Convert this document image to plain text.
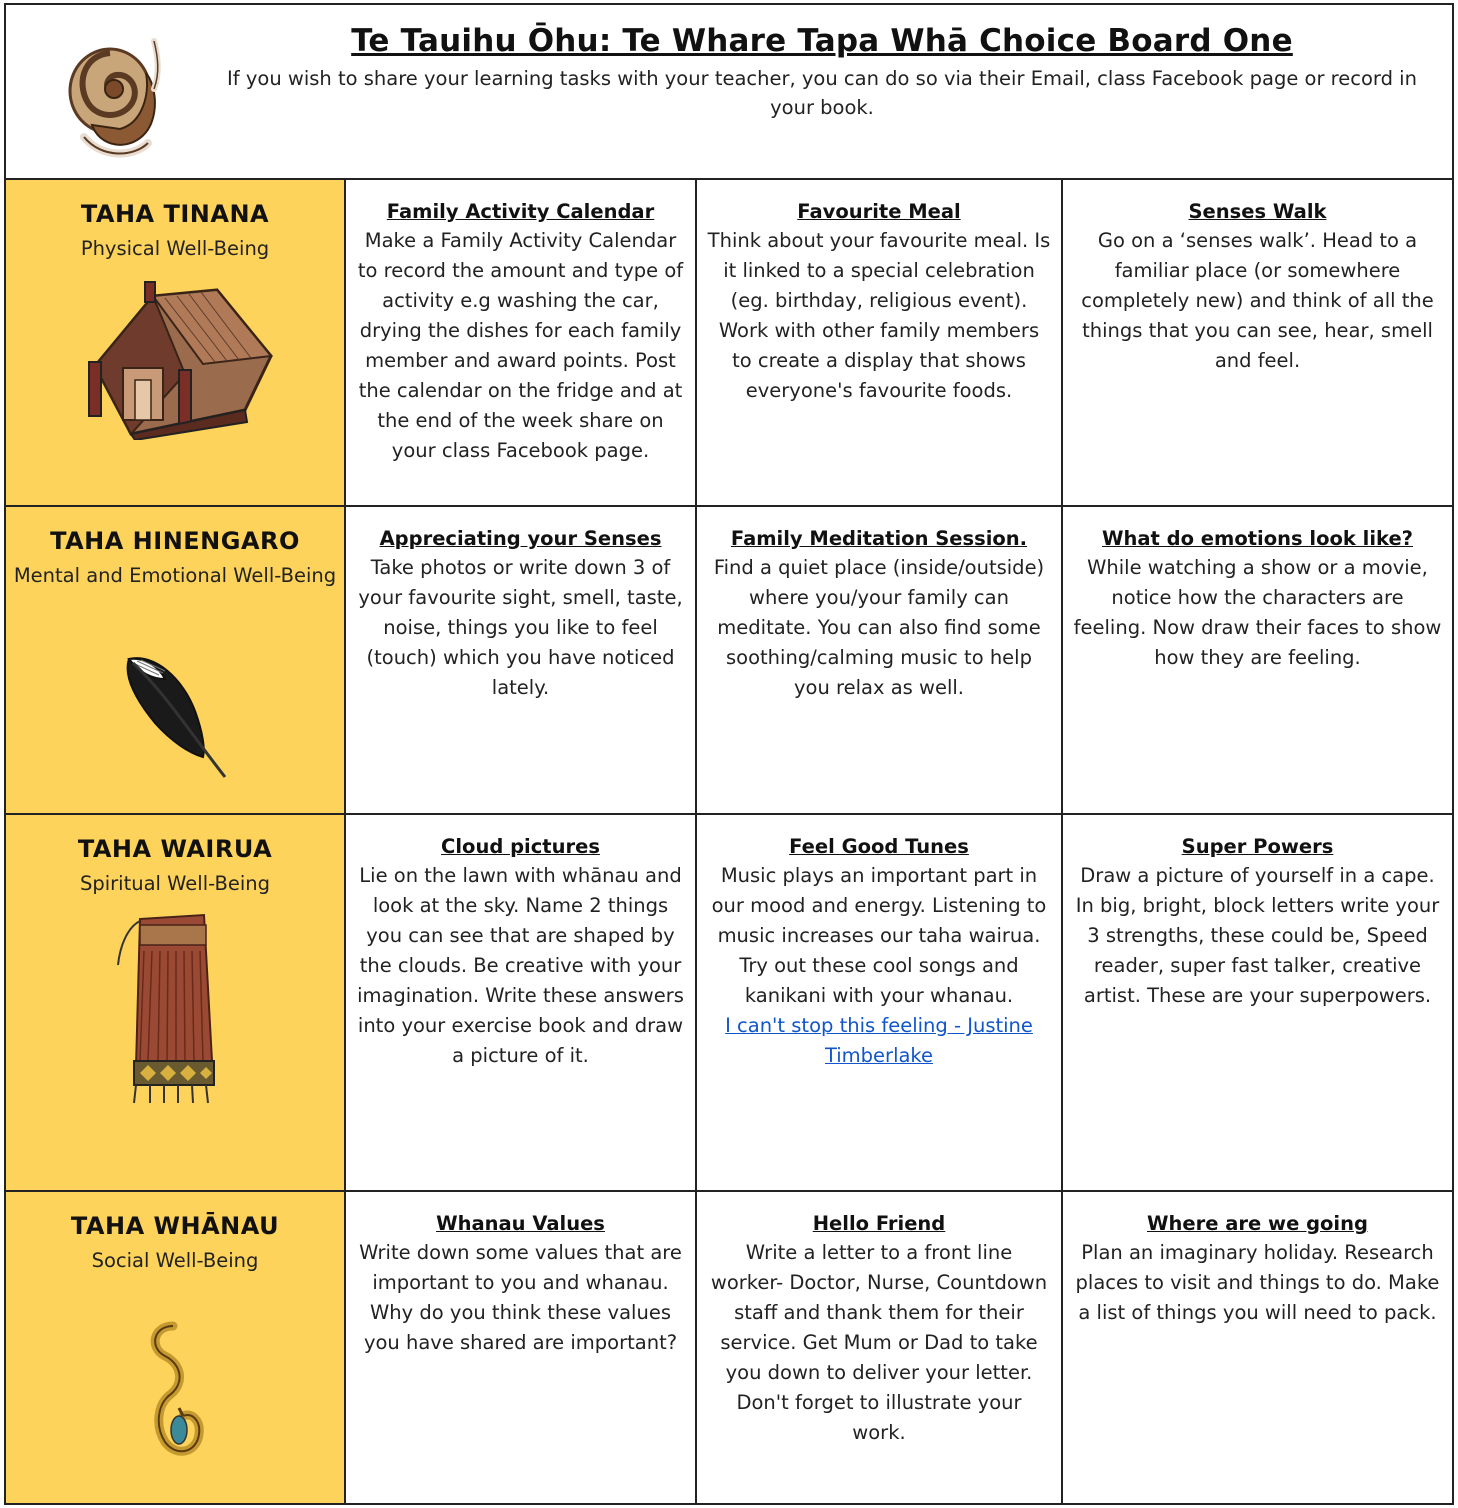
Te Tauihu Ōhu: Te Whare Tapa Whā Choice Board One
If you wish to share your learning tasks with your teacher, you can do so via their Email, class Facebook page or record in your book.
TAHA TINANA
Physical Well-Being
Family Activity Calendar
Make a Family Activity Calendar to record the amount and type of activity e.g washing the car, drying the dishes for each family member and award points. Post the calendar on the fridge and at the end of the week share on your class Facebook page.
Favourite Meal
Think about your favourite meal. Is it linked to a special celebration (eg. birthday, religious event). Work with other family members to create a display that shows everyone's favourite foods.
Senses Walk
Go on a ‘senses walk’. Head to a familiar place (or somewhere completely new) and think of all the things that you can see, hear, smell and feel.
TAHA HINENGARO
Mental and Emotional Well-Being
Appreciating your Senses
Take photos or write down 3 of your favourite sight, smell, taste, noise, things you like to feel (touch) which you have noticed lately.
Family Meditation Session.
Find a quiet place (inside/outside) where you/your family can meditate. You can also find some soothing/calming music to help you relax as well.
What do emotions look like?
While watching a show or a movie, notice how the characters are feeling. Now draw their faces to show how they are feeling.
TAHA WAIRUA
Spiritual Well-Being
Cloud pictures
Lie on the lawn with whānau and look at the sky. Name 2 things you can see that are shaped by the clouds. Be creative with your imagination. Write these answers into your exercise book and draw a picture of it.
Feel Good Tunes
Music plays an important part in our mood and energy. Listening to music increases our taha wairua. Try out these cool songs and kanikani with your whanau.
I can't stop this feeling - Justine Timberlake
Super Powers
Draw a picture of yourself in a cape. In big, bright, block letters write your 3 strengths, these could be, Speed reader, super fast talker, creative artist. These are your superpowers.
TAHA WHĀNAU
Social Well-Being
Whanau Values
Write down some values that are important to you and whanau. Why do you think these values you have shared are important?
Hello Friend
Write a letter to a front line worker- Doctor, Nurse, Countdown staff and thank them for their service. Get Mum or Dad to take you down to deliver your letter. Don't forget to illustrate your work.
Where are we going
Plan an imaginary holiday. Research places to visit and things to do. Make a list of things you will need to pack.
